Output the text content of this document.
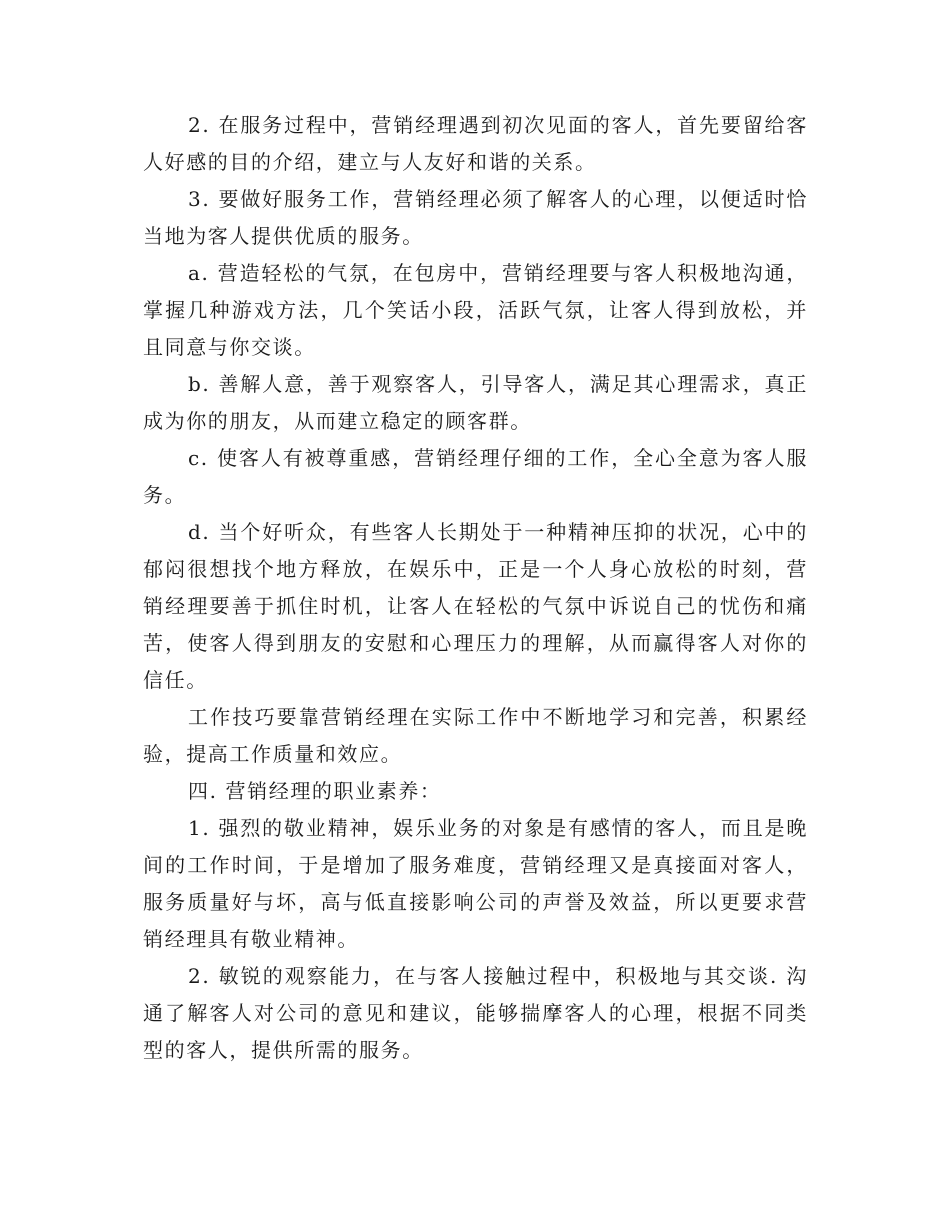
2. 在服务过程中，营销经理遇到初次见面的客人，首先要留给客人好感的目的介绍，建立与人友好和谐的关系。

3. 要做好服务工作，营销经理必须了解客人的心理，以便适时恰当地为客人提供优质的服务。

a. 营造轻松的气氛，在包房中，营销经理要与客人积极地沟通，掌握几种游戏方法，几个笑话小段，活跃气氛，让客人得到放松，并且同意与你交谈。

b. 善解人意，善于观察客人，引导客人，满足其心理需求，真正成为你的朋友，从而建立稳定的顾客群。

c. 使客人有被尊重感，营销经理仔细的工作，全心全意为客人服务。

d. 当个好听众，有些客人长期处于一种精神压抑的状况，心中的郁闷很想找个地方释放，在娱乐中，正是一个人身心放松的时刻，营销经理要善于抓住时机，让客人在轻松的气氛中诉说自己的忧伤和痛苦，使客人得到朋友的安慰和心理压力的理解，从而赢得客人对你的信任。

工作技巧要靠营销经理在实际工作中不断地学习和完善，积累经验，提高工作质量和效应。

四. 营销经理的职业素养：

1. 强烈的敬业精神，娱乐业务的对象是有感情的客人，而且是晚间的工作时间，于是增加了服务难度，营销经理又是真接面对客人，服务质量好与坏，高与低直接影响公司的声誉及效益，所以更要求营销经理具有敬业精神。

2. 敏锐的观察能力，在与客人接触过程中，积极地与其交谈. 沟通了解客人对公司的意见和建议，能够揣摩客人的心理，根据不同类型的客人，提供所需的服务。
